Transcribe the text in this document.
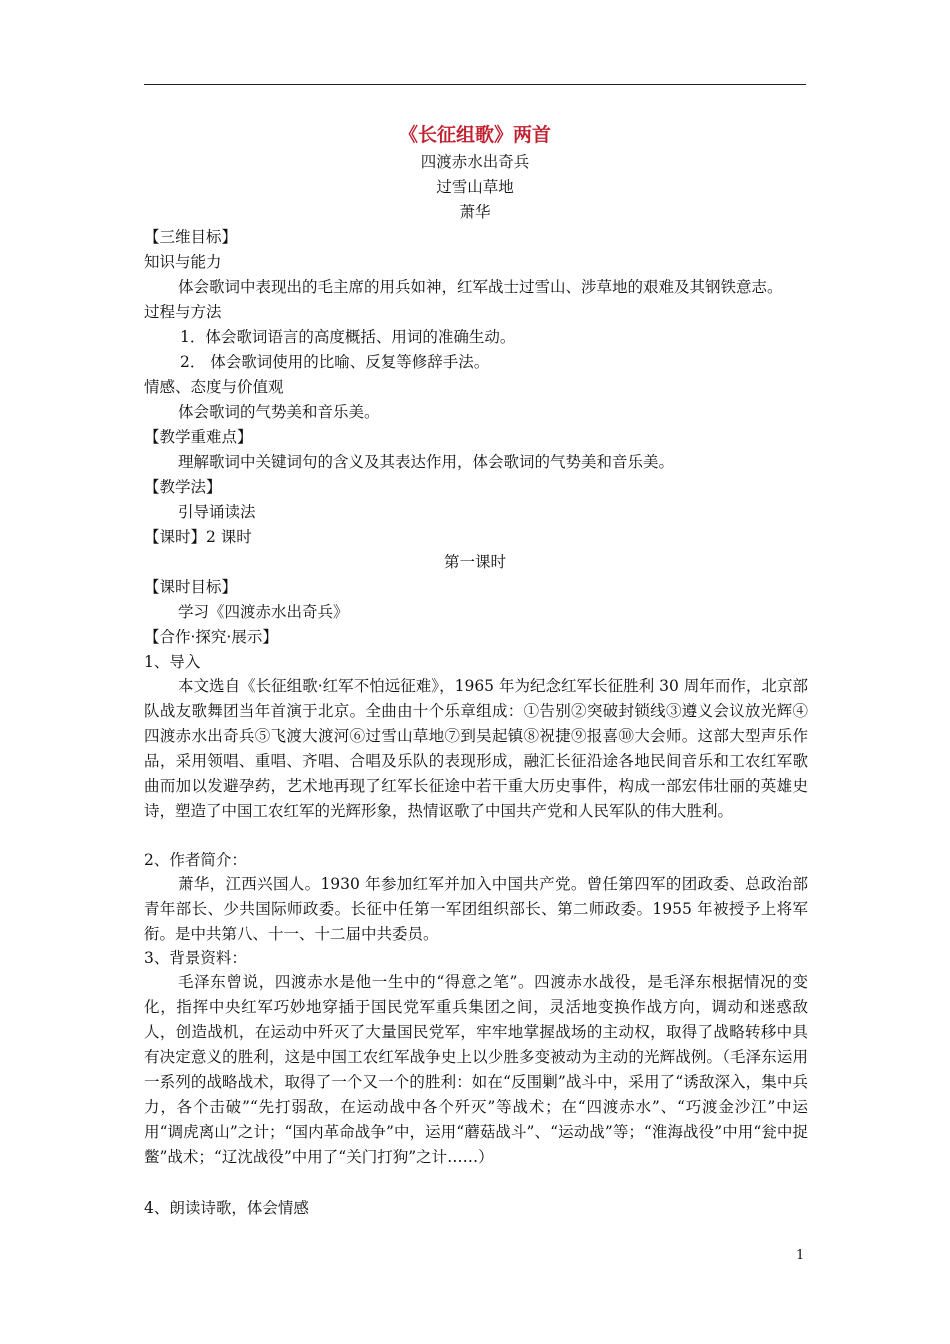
《长征组歌》两首
四渡赤水出奇兵
过雪山草地
萧华
【三维目标】
知识与能力
体会歌词中表现出的毛主席的用兵如神，红军战士过雪山、涉草地的艰难及其钢铁意志。
过程与方法
1．体会歌词语言的高度概括、用词的准确生动。
2． 体会歌词使用的比喻、反复等修辞手法。
情感、态度与价值观
体会歌词的气势美和音乐美。
【教学重难点】
理解歌词中关键词句的含义及其表达作用，体会歌词的气势美和音乐美。
【教学法】
引导诵读法
【课时】2 课时
第一课时
【课时目标】
学习《四渡赤水出奇兵》
【合作·探究·展示】
1、导入
本文选自《长征组歌·红军不怕远征难》，1965 年为纪念红军长征胜利 30 周年而作，北京部队战友歌舞团当年首演于北京。全曲由十个乐章组成：①告别②突破封锁线③遵义会议放光辉④四渡赤水出奇兵⑤飞渡大渡河⑥过雪山草地⑦到吴起镇⑧祝捷⑨报喜⑩大会师。这部大型声乐作品，采用领唱、重唱、齐唱、合唱及乐队的表现形成，融汇长征沿途各地民间音乐和工农红军歌曲而加以发避孕药，艺术地再现了红军长征途中若干重大历史事件，构成一部宏伟壮丽的英雄史诗，塑造了中国工农红军的光辉形象，热情讴歌了中国共产党和人民军队的伟大胜利。
2、作者简介：
萧华，江西兴国人。1930 年参加红军并加入中国共产党。曾任第四军的团政委、总政治部青年部长、少共国际师政委。长征中任第一军团组织部长、第二师政委。1955 年被授予上将军衔。是中共第八、十一、十二届中共委员。
3、背景资料：
毛泽东曾说，四渡赤水是他一生中的“得意之笔”。四渡赤水战役，是毛泽东根据情况的变化，指挥中央红军巧妙地穿插于国民党军重兵集团之间，灵活地变换作战方向，调动和迷惑敌人，创造战机，在运动中歼灭了大量国民党军，牢牢地掌握战场的主动权，取得了战略转移中具有决定意义的胜利，这是中国工农红军战争史上以少胜多变被动为主动的光辉战例。（毛泽东运用一系列的战略战术，取得了一个又一个的胜利：如在“反围剿”战斗中，采用了“诱敌深入，集中兵力，各个击破”“先打弱敌，在运动战中各个歼灭”等战术；在“四渡赤水”、“巧渡金沙江”中运用“调虎离山”之计；“国内革命战争”中，运用“蘑菇战斗”、“运动战”等；“淮海战役”中用“瓮中捉鳖”战术；“辽沈战役”中用了“关门打狗”之计……）
4、朗读诗歌，体会情感
1
